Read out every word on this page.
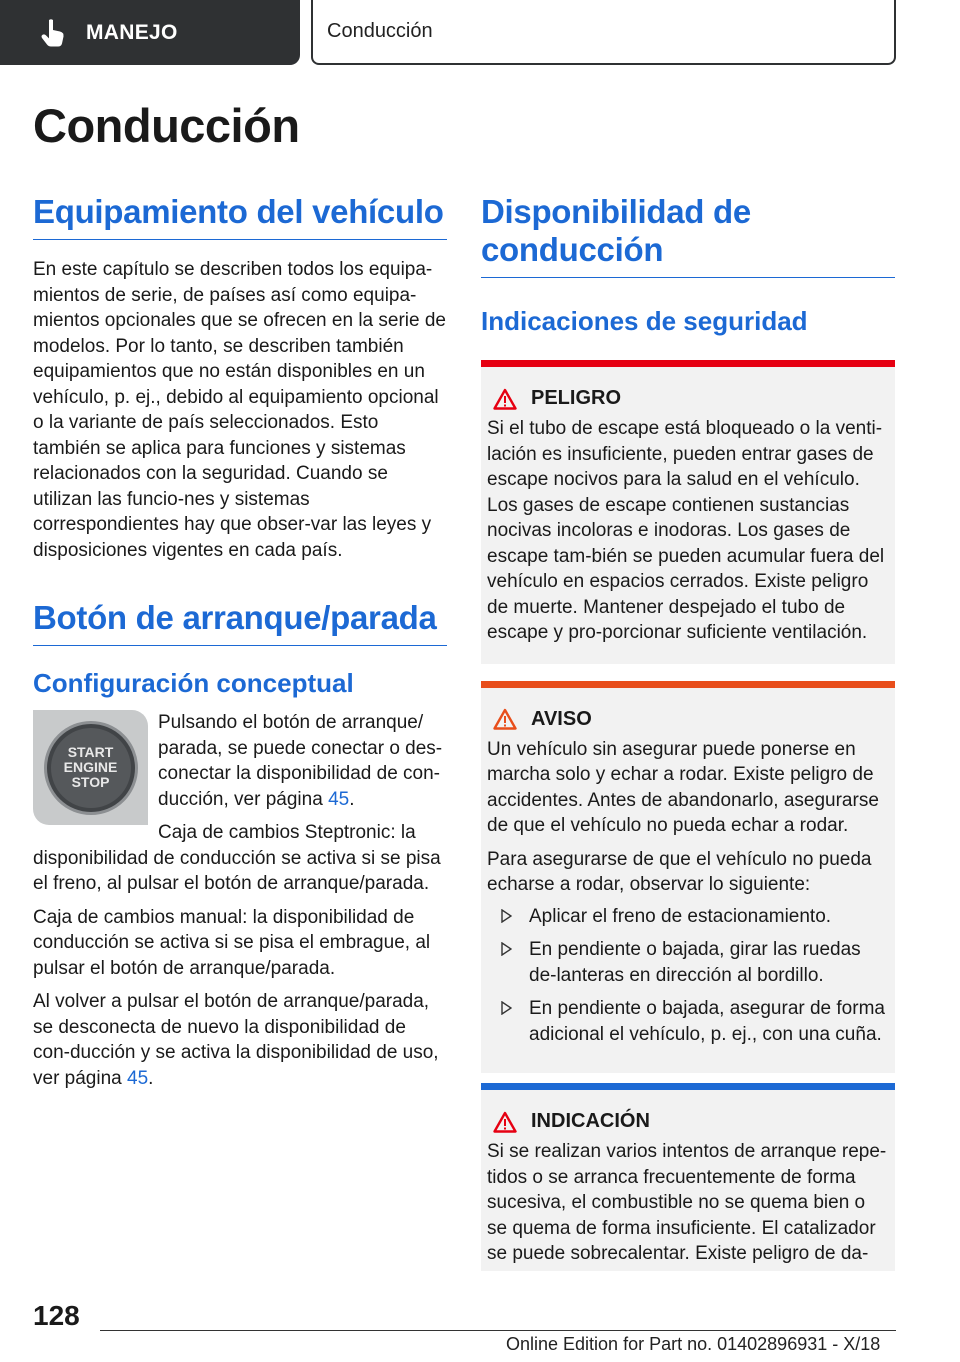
MANEJO	Conducción
Conducción
Equipamiento del vehículo

En este capítulo se describen todos los equipa-mientos de serie, de países así como equipa-mientos opcionales que se ofrecen en la serie de modelos. Por lo tanto, se describen también equipamientos que no están disponibles en un vehículo, p. ej., debido al equipamiento opcional o la variante de país seleccionados. Esto también se aplica para funciones y sistemas relacionados con la seguridad. Cuando se utilizan las funcio-nes y sistemas correspondientes hay que obser-var las leyes y disposiciones vigentes en cada país.

Botón de arranque/parada
Configuración conceptual
START
ENGINE
STOP

Pulsando el botón de arranque/ parada, se puede conectar o des-conectar la disponibilidad de con-ducción, ver página 45.

Caja de cambios Steptronic: la disponibilidad de conducción se activa si se pisa el freno, al pulsar el botón de arranque/parada.

Caja de cambios manual: la disponibilidad de conducción se activa si se pisa el embrague, al pulsar el botón de arranque/parada.

Al volver a pulsar el botón de arranque/parada, se desconecta de nuevo la disponibilidad de con-ducción y se activa la disponibilidad de uso, ver página 45.

Disponibilidad de conducción
Indicaciones de seguridad
PELIGRO

Si el tubo de escape está bloqueado o la venti-lación es insuficiente, pueden entrar gases de escape nocivos para la salud en el vehículo. Los gases de escape contienen sustancias nocivas incoloras e inodoras. Los gases de escape tam-bién se pueden acumular fuera del vehículo en espacios cerrados. Existe peligro de muerte. Mantener despejado el tubo de escape y pro-porcionar suficiente ventilación.

AVISO

Un vehículo sin asegurar puede ponerse en marcha solo y echar a rodar. Existe peligro de accidentes. Antes de abandonarlo, asegurarse de que el vehículo no pueda echar a rodar.

Para asegurarse de que el vehículo no pueda echarse a rodar, observar lo siguiente:

Aplicar el freno de estacionamiento.
En pendiente o bajada, girar las ruedas de-lanteras en dirección al bordillo.
En pendiente o bajada, asegurar de forma adicional el vehículo, p. ej., con una cuña.
INDICACIÓN

Si se realizan varios intentos de arranque repe-tidos o se arranca frecuentemente de forma sucesiva, el combustible no se quema bien o se quema de forma insuficiente. El catalizador se puede sobrecalentar. Existe peligro de da-

128
Online Edition for Part no. 01402896931 - X/18
